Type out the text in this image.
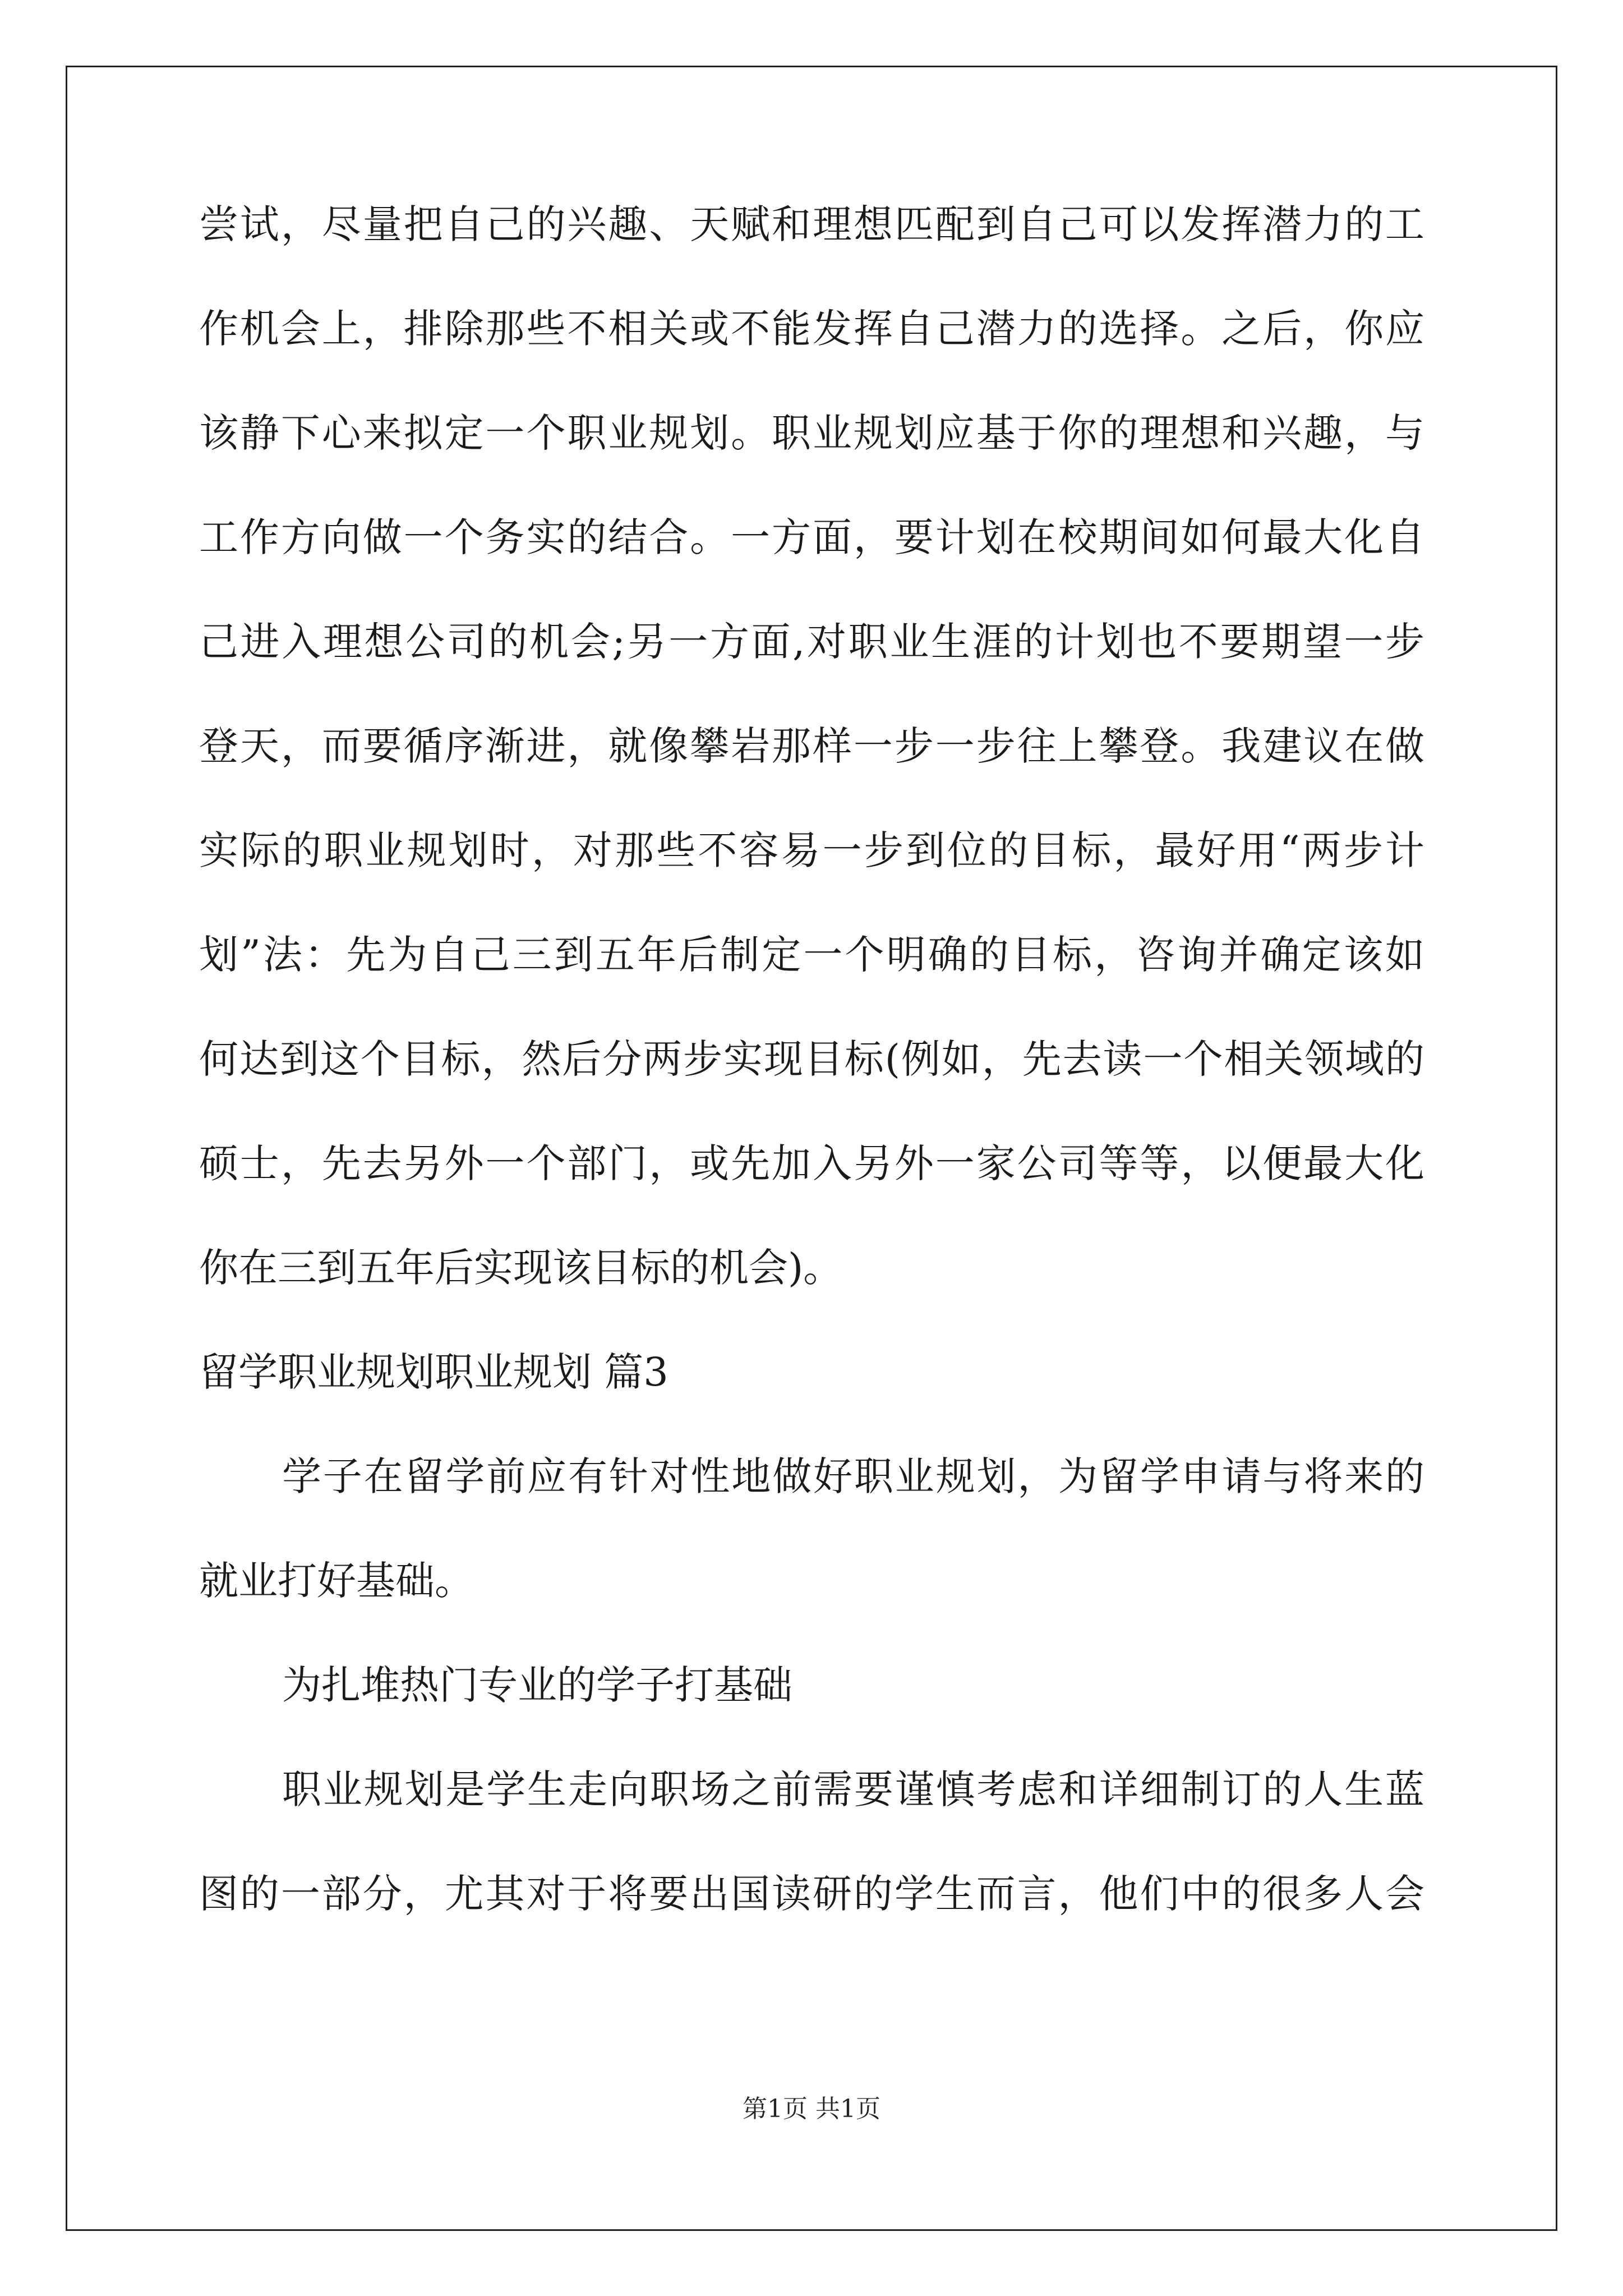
尝试，尽量把自己的兴趣、天赋和理想匹配到自己可以发挥潜力的工
作机会上，排除那些不相关或不能发挥自己潜力的选择。之后，你应
该静下心来拟定一个职业规划。职业规划应基于你的理想和兴趣，与
工作方向做一个务实的结合。一方面，要计划在校期间如何最大化自
己进入理想公司的机会;另一方面,对职业生涯的计划也不要期望一步
登天，而要循序渐进，就像攀岩那样一步一步往上攀登。我建议在做
实际的职业规划时，对那些不容易一步到位的目标，最好用“两步计
划”法：先为自己三到五年后制定一个明确的目标，咨询并确定该如
何达到这个目标，然后分两步实现目标(例如，先去读一个相关领域的
硕士，先去另外一个部门，或先加入另外一家公司等等，以便最大化
你在三到五年后实现该目标的机会)。
留学职业规划职业规划 篇3
学子在留学前应有针对性地做好职业规划，为留学申请与将来的
就业打好基础。
为扎堆热门专业的学子打基础
职业规划是学生走向职场之前需要谨慎考虑和详细制订的人生蓝
图的一部分，尤其对于将要出国读研的学生而言，他们中的很多人会
第1页 共1页
